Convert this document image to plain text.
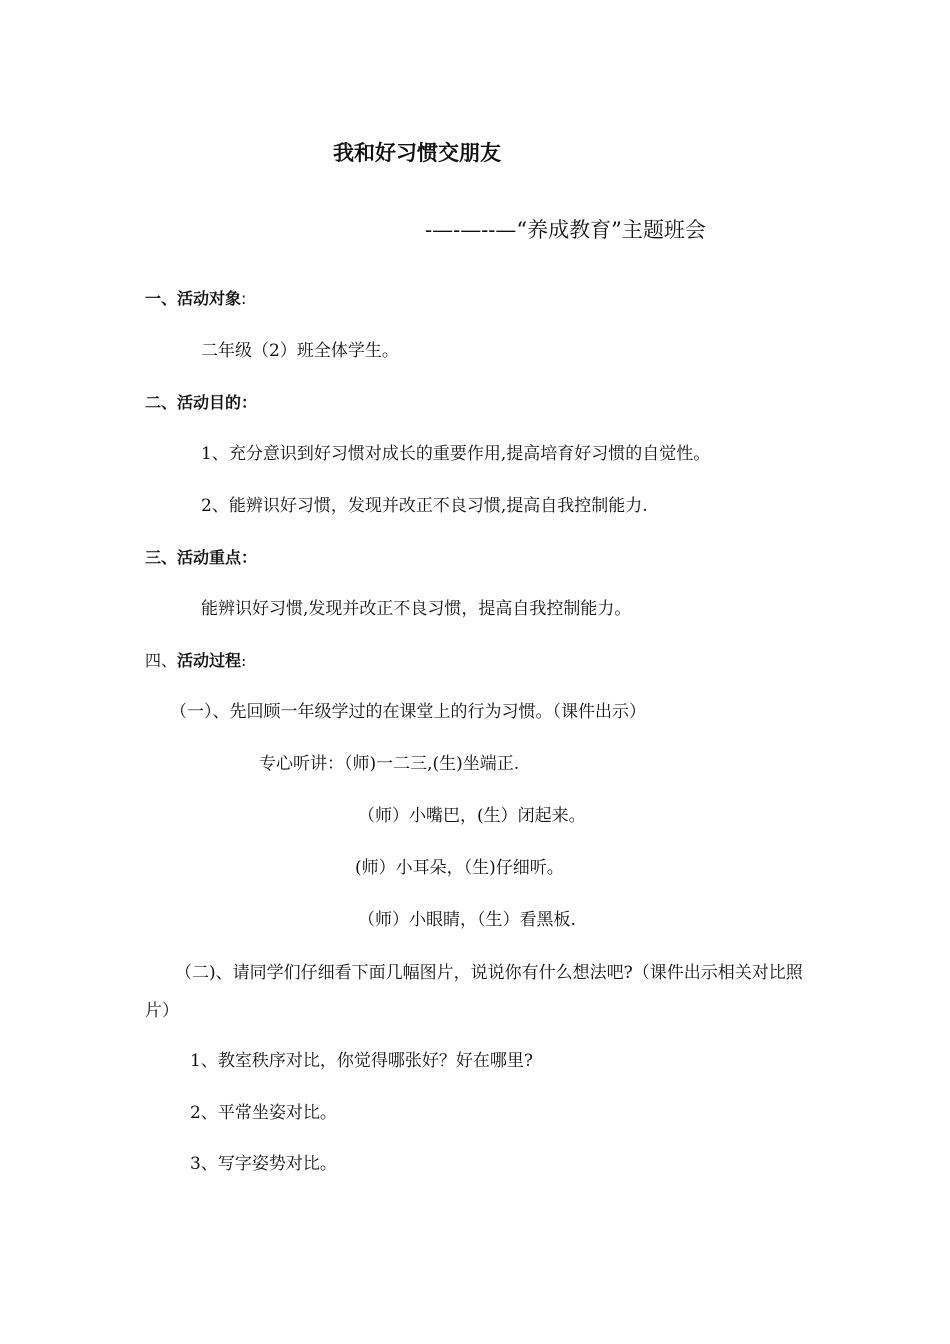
我和好习惯交朋友
-—-—--—“养成教育”主题班会
一、活动对象:
二年级（2）班全体学生。
二、活动目的：
1、充分意识到好习惯对成长的重要作用,提高培育好习惯的自觉性。
2、能辨识好习惯，发现并改正不良习惯,提高自我控制能力.
三、活动重点：
能辨识好习惯,发现并改正不良习惯，提高自我控制能力。
四、活动过程:
（一）、先回顾一年级学过的在课堂上的行为习惯。（课件出示）
专心听讲：（师)一二三,(生)坐端正.
（师）小嘴巴，(生）闭起来。
(师）小耳朵，（生)仔细听。
（师）小眼睛，（生）看黑板.
（二)、请同学们仔细看下面几幅图片，说说你有什么想法吧?（课件出示相关对比照片）
1、教室秩序对比，你觉得哪张好？好在哪里?
2、平常坐姿对比。
3、写字姿势对比。
